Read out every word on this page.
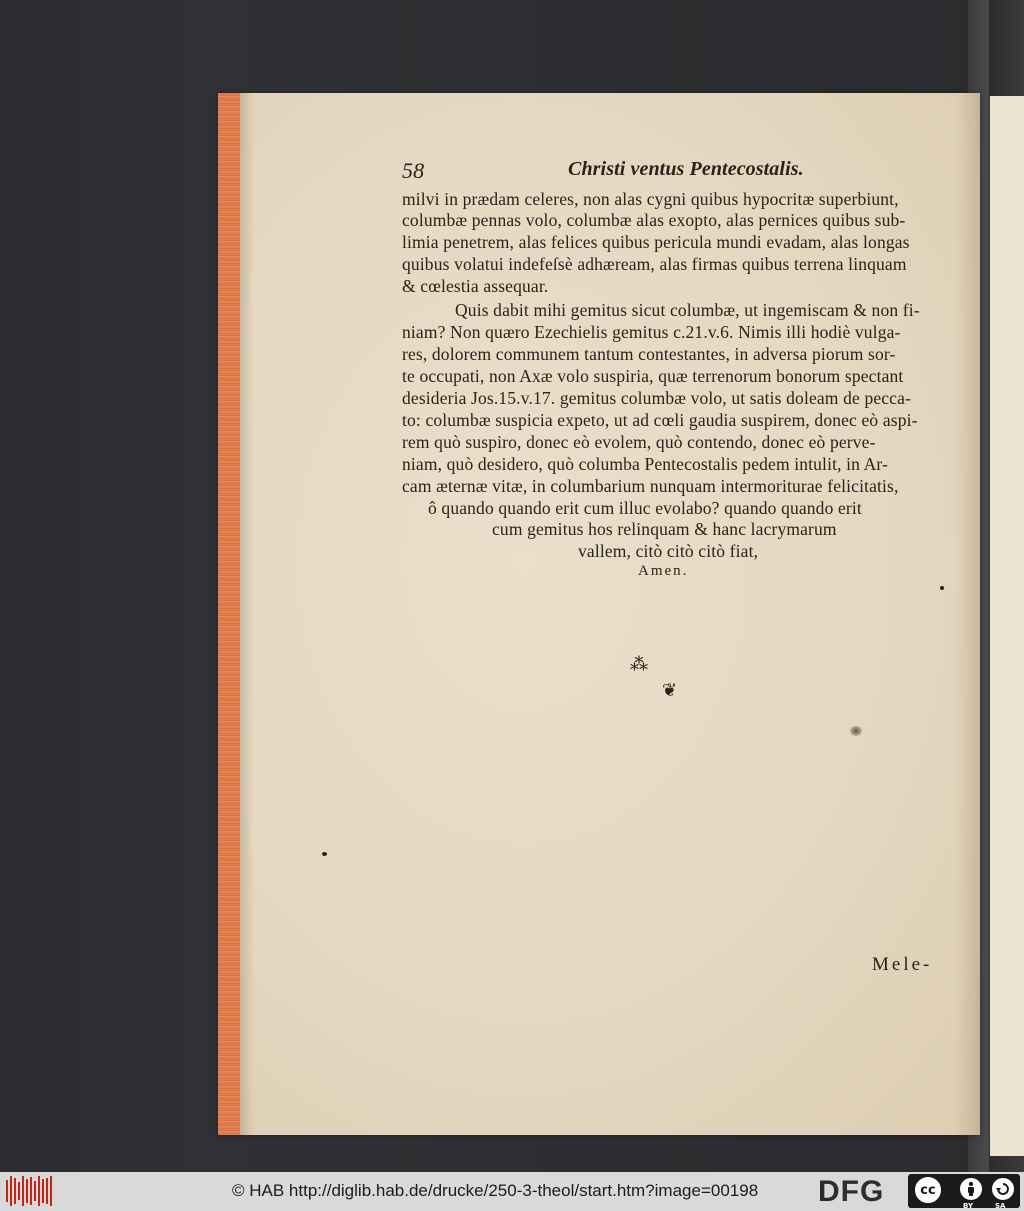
58	Christi ventus Pentecostalis.
milvi in prædam celeres, non alas cygni quibus hypocritæ superbiunt,
columbæ pennas volo, columbæ alas exopto, alas pernices quibus sub-
limia penetrem, alas felices quibus pericula mundi evadam, alas longas
quibus volatui indefeſsè adhæream, alas firmas quibus terrena linquam
& cœlestia assequar.
Quis dabit mihi gemitus sicut columbæ, ut ingemiscam & non fi-
niam? Non quæro Ezechielis gemitus c.21.v.6. Nimis illi hodiè vulga-
res, dolorem communem tantum contestantes, in adversa piorum sor-
te occupati, non Axæ volo suspiria, quæ terrenorum bonorum spectant
desideria Jos.15.v.17. gemitus columbæ volo, ut satis doleam de pecca-
to: columbæ suspicia expeto, ut ad cœli gaudia suspirem, donec eò aspi-
rem quò suspiro, donec eò evolem, quò contendo, donec eò perve-
niam, quò desidero, quò columba Pentecostalis pedem intulit, in Ar-
cam æternæ vitæ, in columbarium nunquam intermoriturae felicitatis,
ô quando quando erit cum illuc evolabo? quando quando erit
cum gemitus hos relinquam & hanc lacrymarum
vallem, citò citò citò fiat,
Amen.
⁂
❦
Mele-
© HAB http://diglib.hab.de/drucke/250-3-theol/start.htm?image=00198 DFG	cc
BY	SA
